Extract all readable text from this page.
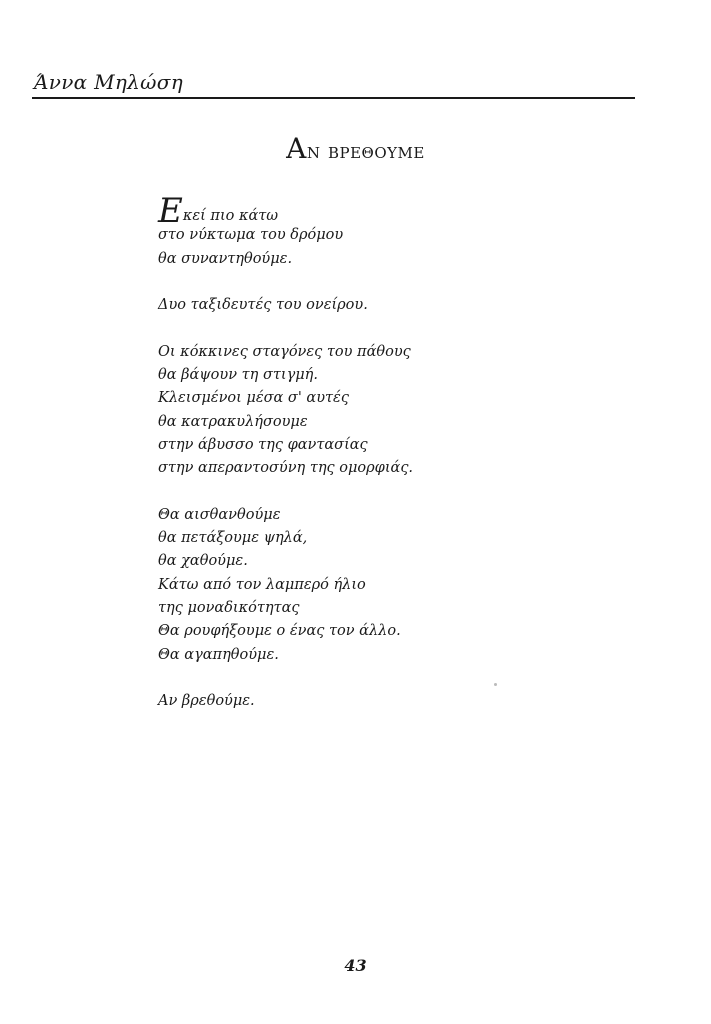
Άννα Μηλώση
Αν βρεθουμε
Εκεί πιο κάτω
στο νύκτωμα του δρόμου
θα συναντηθούμε.
Δυο ταξιδευτές του ονείρου.
Οι κόκκινες σταγόνες του πάθους
θα βάψουν τη στιγμή.
Κλεισμένοι μέσα σ' αυτές
θα κατρακυλήσουμε
στην άβυσσο της φαντασίας
στην απεραντοσύνη της ομορφιάς.
Θα αισθανθούμε
θα πετάξουμε ψηλά,
θα χαθούμε.
Κάτω από τον λαμπερό ήλιο
της μοναδικότητας
Θα ρουφήξουμε ο ένας τον άλλο.
Θα αγαπηθούμε.
Αν βρεθούμε.
43
